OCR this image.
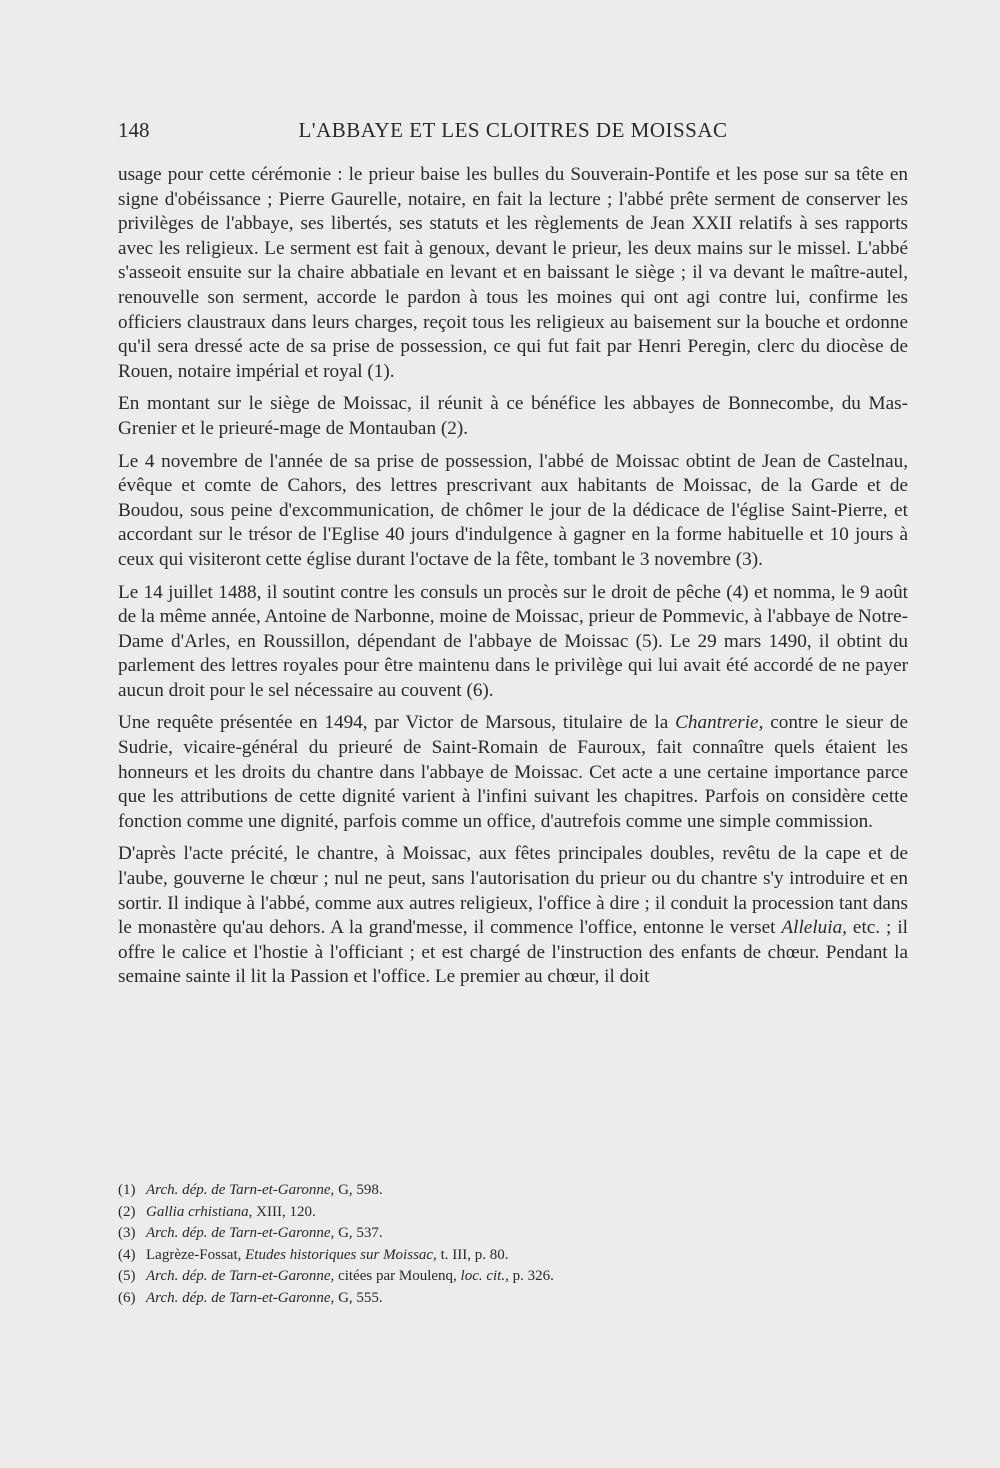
148	L'ABBAYE ET LES CLOITRES DE MOISSAC

usage pour cette cérémonie : le prieur baise les bulles du Souverain-Pontife et les pose sur sa tête en signe d'obéissance ; Pierre Gaurelle, notaire, en fait la lecture ; l'abbé prête serment de conserver les privilèges de l'abbaye, ses libertés, ses statuts et les règlements de Jean XXII relatifs à ses rapports avec les religieux. Le serment est fait à genoux, devant le prieur, les deux mains sur le missel. L'abbé s'asseoit ensuite sur la chaire abbatiale en levant et en baissant le siège ; il va devant le maître-autel, renouvelle son serment, accorde le pardon à tous les moines qui ont agi contre lui, confirme les officiers claustraux dans leurs charges, reçoit tous les religieux au baisement sur la bouche et ordonne qu'il sera dressé acte de sa prise de possession, ce qui fut fait par Henri Peregin, clerc du diocèse de Rouen, notaire impérial et royal (1).

En montant sur le siège de Moissac, il réunit à ce bénéfice les abbayes de Bonnecombe, du Mas-Grenier et le prieuré-mage de Montauban (2).

Le 4 novembre de l'année de sa prise de possession, l'abbé de Moissac obtint de Jean de Castelnau, évêque et comte de Cahors, des lettres prescrivant aux habitants de Moissac, de la Garde et de Boudou, sous peine d'excommunication, de chômer le jour de la dédicace de l'église Saint-Pierre, et accordant sur le trésor de l'Eglise 40 jours d'indulgence à gagner en la forme habituelle et 10 jours à ceux qui visiteront cette église durant l'octave de la fête, tombant le 3 novembre (3).

Le 14 juillet 1488, il soutint contre les consuls un procès sur le droit de pêche (4) et nomma, le 9 août de la même année, Antoine de Narbonne, moine de Moissac, prieur de Pommevic, à l'abbaye de Notre-Dame d'Arles, en Roussillon, dépendant de l'abbaye de Moissac (5). Le 29 mars 1490, il obtint du parlement des lettres royales pour être maintenu dans le privilège qui lui avait été accordé de ne payer aucun droit pour le sel nécessaire au couvent (6).

Une requête présentée en 1494, par Victor de Marsous, titulaire de la Chantrerie, contre le sieur de Sudrie, vicaire-général du prieuré de Saint-Romain de Fauroux, fait connaître quels étaient les honneurs et les droits du chantre dans l'abbaye de Moissac. Cet acte a une certaine importance parce que les attributions de cette dignité varient à l'infini suivant les chapitres. Parfois on considère cette fonction comme une dignité, parfois comme un office, d'autrefois comme une simple commission.

D'après l'acte précité, le chantre, à Moissac, aux fêtes principales doubles, revêtu de la cape et de l'aube, gouverne le chœur ; nul ne peut, sans l'autorisation du prieur ou du chantre s'y introduire et en sortir. Il indique à l'abbé, comme aux autres religieux, l'office à dire ; il conduit la procession tant dans le monastère qu'au dehors. A la grand'messe, il commence l'office, entonne le verset Alleluia, etc. ; il offre le calice et l'hostie à l'officiant ; et est chargé de l'instruction des enfants de chœur. Pendant la semaine sainte il lit la Passion et l'office. Le premier au chœur, il doit

(1) Arch. dép. de Tarn-et-Garonne, G, 598.

(2) Gallia crhistiana, XIII, 120.

(3) Arch. dép. de Tarn-et-Garonne, G, 537.

(4) Lagrèze-Fossat, Etudes historiques sur Moissac, t. III, p. 80.

(5) Arch. dép. de Tarn-et-Garonne, citées par Moulenq, loc. cit., p. 326.

(6) Arch. dép. de Tarn-et-Garonne, G, 555.
